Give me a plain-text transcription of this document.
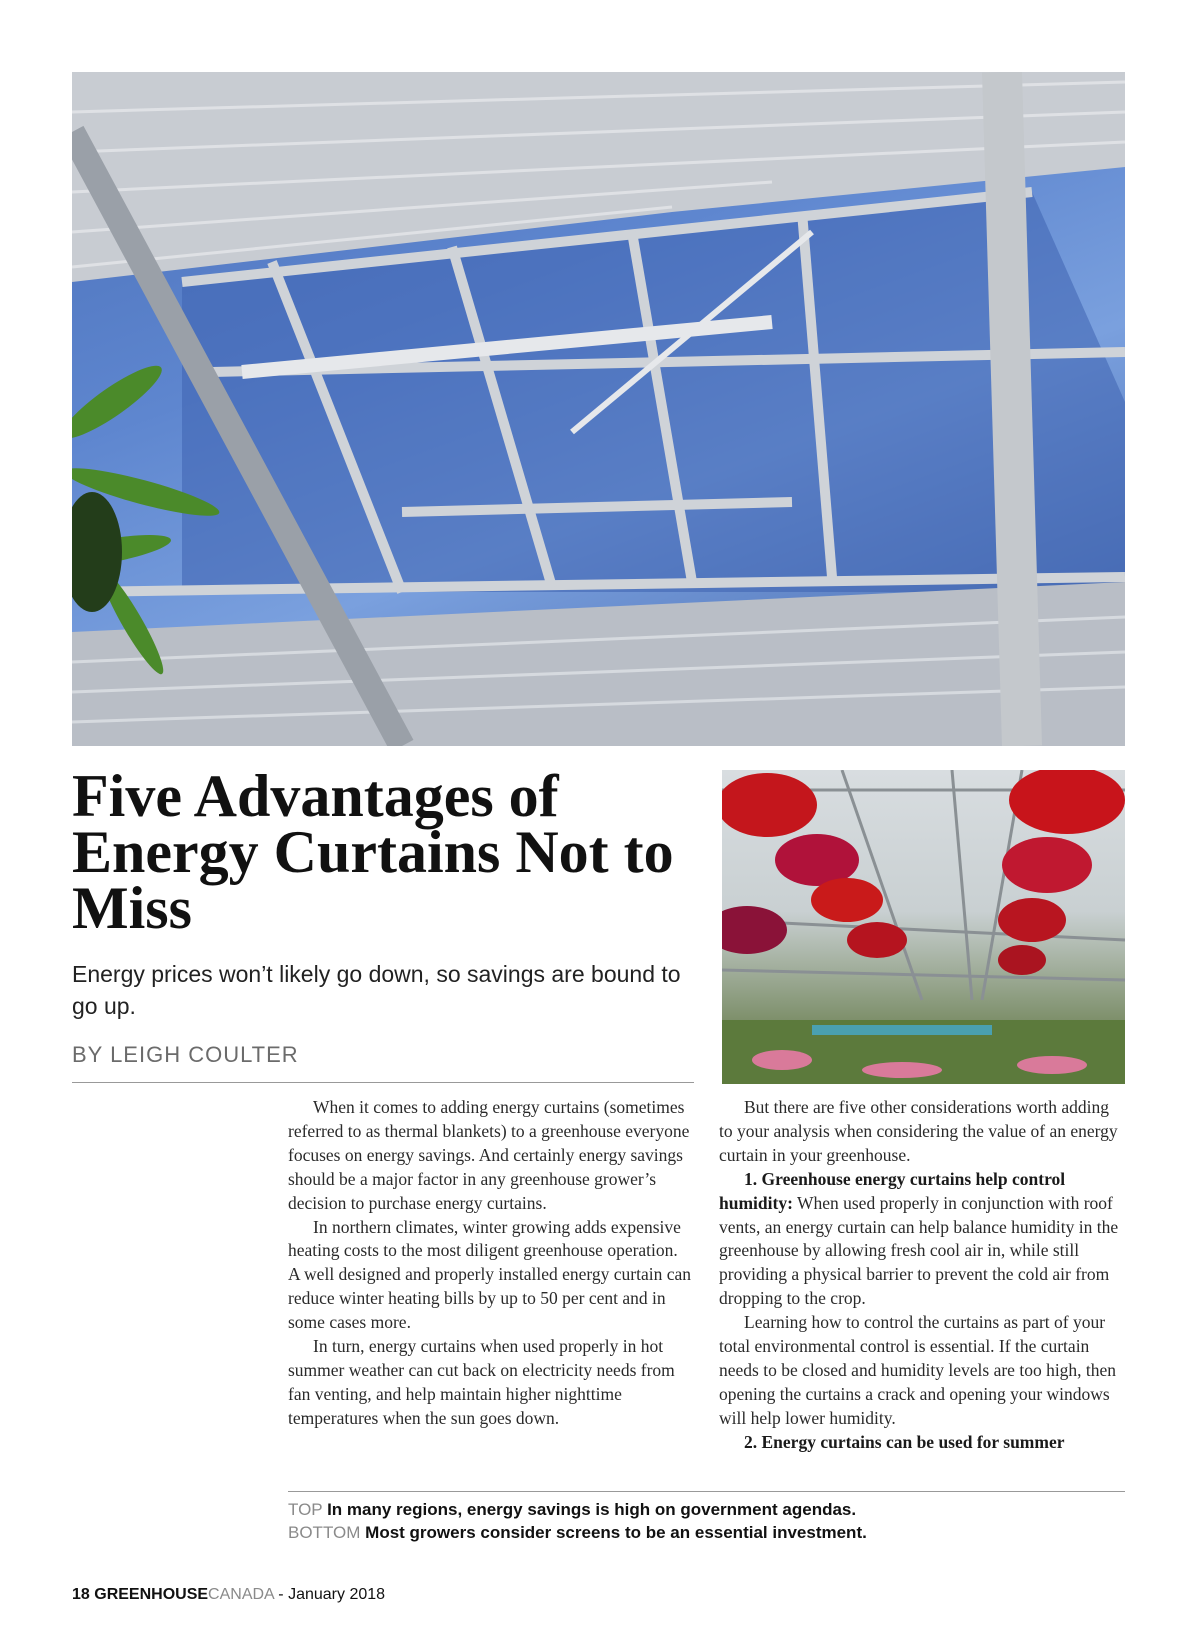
Five Advantages of Energy Curtains Not to Miss

Energy prices won’t likely go down, so savings are bound to go up.

BY LEIGH COULTER

When it comes to adding energy curtains (sometimes referred to as thermal blankets) to a greenhouse everyone focuses on energy savings. And certainly energy savings should be a major factor in any greenhouse grower’s decision to purchase energy curtains.

In northern climates, winter growing adds expensive heating costs to the most diligent greenhouse operation. A well designed and properly installed energy curtain can reduce winter heating bills by up to 50 per cent and in some cases more.

In turn, energy curtains when used properly in hot summer weather can cut back on electricity needs from fan venting, and help maintain higher nighttime temperatures when the sun goes down.

But there are five other considerations worth adding to your analysis when considering the value of an energy curtain in your greenhouse.

1. Greenhouse energy curtains help control humidity: When used properly in conjunction with roof vents, an energy curtain can help balance humidity in the greenhouse by allowing fresh cool air in, while still providing a physical barrier to prevent the cold air from dropping to the crop.

Learning how to control the curtains as part of your total environmental control is essential. If the curtain needs to be closed and humidity levels are too high, then opening the curtains a crack and opening your windows will help lower humidity.

2. Energy curtains can be used for summer

TOP In many regions, energy savings is high on government agendas.
BOTTOM Most growers consider screens to be an essential investment.
18 GREENHOUSECANADA - January 2018
